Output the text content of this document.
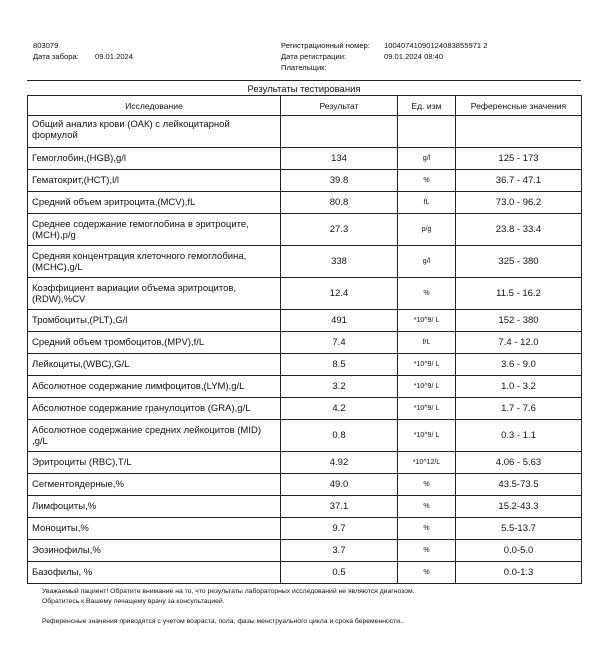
803079
Дата забора: 09.01.2024
Регистрационный номер: 10040741090124083855971 2
Дата регистрации:	09.01.2024 08:40
Плательщик:
Результаты тестирования
Исследование	Результат	Ед. изм	Референсные значения
Общий анализ крови (ОАК) с лейкоцитарной формулой			
Гемоглобин,(HGB),g/l	134	g/l	125 - 173
Гематокрит,(HCT),l/l	39.8	%	36.7 - 47.1
Средний объем эритроцита,(MCV),fL	80.8	fL	73.0 - 96.2
Среднее содержание гемоглобина в эритроците, (MCH),p/g	27.3	p/g	23.8 - 33.4
Средняя концентрация клеточного гемоглобина, (MCHC),g/L	338	g/l	325 - 380
Коэффициент вариации объема эритроцитов, (RDW),%CV	12.4	%	11.5 - 16.2
Тромбоциты,(PLT),G/l	491	*10^9/ L	152 - 380
Средний объем тромбоцитов,(MPV),f/L	7.4	f/L	7.4 - 12.0
Лейкоциты,(WBC),G/L	8.5	*10^9/ L	3.6 - 9.0
Абсолютное содержание лимфоцитов,(LYM),g/L	3.2	*10^9/ L	1.0 - 3.2
Абсолютное содержание гранулоцитов (GRA),g/L	4.2	*10^9/ L	1.7 - 7.6
Абсолютное содержание средних лейкоцитов (MID) ,g/L	0.8	*10^9/ L	0.3 - 1.1
Эритроциты (RBC),T/L	4.92	*10^12/L	4.06 - 5.63
Сегментоядерные,%	49.0	%	43.5-73.5
Лимфоциты,%	37.1	%	15.2-43.3
Моноциты,%	9.7	%	5.5-13.7
Эозинофилы,%	3.7	%	0.0-5.0
Базофилы, %	0.5	%	0.0-1.3
Уважаемый пациент! Обратите внимание на то, что результаты лабораторных исследований не являются диагнозом.
Обратитесь к Вашему лечащему врачу за консультацией.
Референсные значения приводятся с учетом возраста, пола, фазы менструального цикла и срока беременности..
